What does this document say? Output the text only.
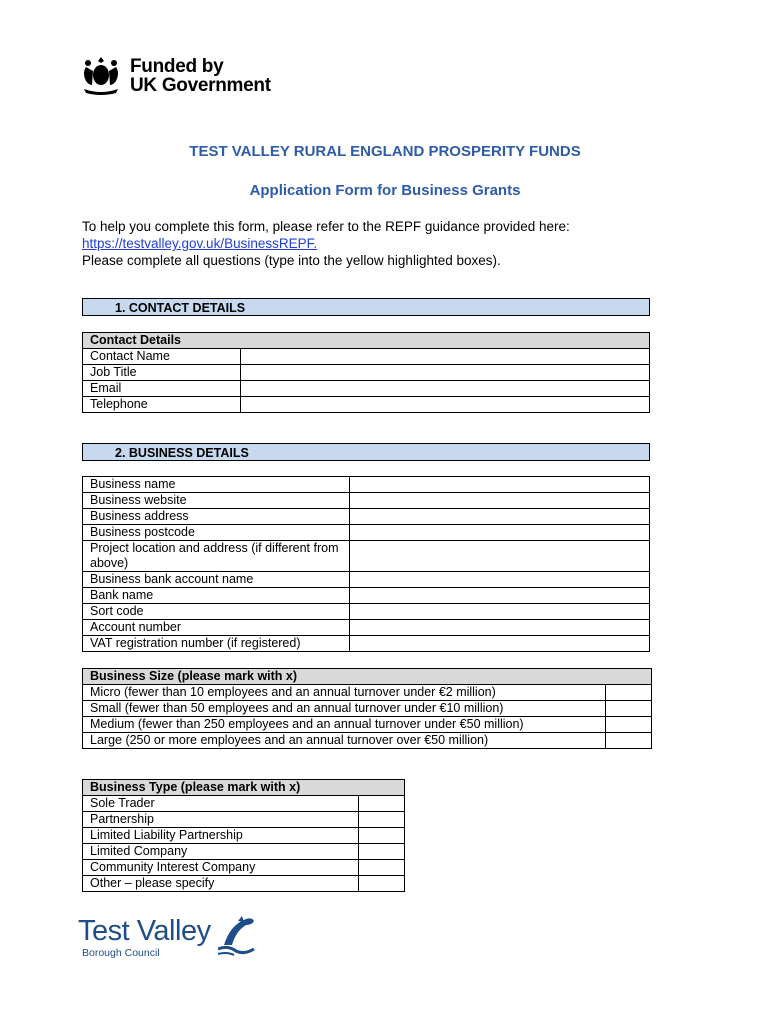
Funded by
UK Government
TEST VALLEY RURAL ENGLAND PROSPERITY FUNDS
Application Form for Business Grants
To help you complete this form, please refer to the REPF guidance provided here:
https://testvalley.gov.uk/BusinessREPF.
Please complete all questions (type into the yellow highlighted boxes).
1. CONTACT DETAILS
Contact Details	
Contact Name	
Job Title	
Email	
Telephone	
2. BUSINESS DETAILS
Business name	
Business website	
Business address	
Business postcode	
Project location and address (if different from above)	
Business bank account name	
Bank name	
Sort code	
Account number	
VAT registration number (if registered)	
Business Size (please mark with x)	
Micro (fewer than 10 employees and an annual turnover under €2 million)	
Small (fewer than 50 employees and an annual turnover under €10 million)	
Medium (fewer than 250 employees and an annual turnover under €50 million)	
Large (250 or more employees and an annual turnover over €50 million)	
Business Type (please mark with x)	
Sole Trader	
Partnership	
Limited Liability Partnership	
Limited Company	
Community Interest Company	
Other – please specify	
Test Valley
Borough Council
